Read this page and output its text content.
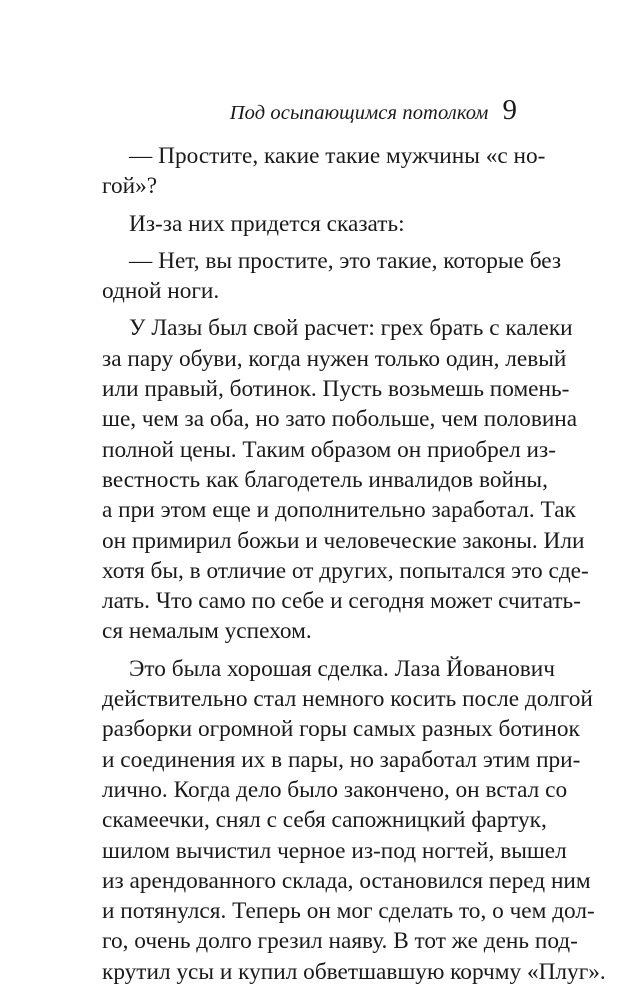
Под осыпающимся потолком 9
— Простите, какие такие мужчины «с но-
гой»?
Из-за них придется сказать:
— Нет, вы простите, это такие, которые без
одной ноги.
У Лазы был свой расчет: грех брать с калеки
за пару обуви, когда нужен только один, левый
или правый, ботинок. Пусть возьмешь помень-
ше, чем за оба, но зато побольше, чем половина
полной цены. Таким образом он приобрел из-
вестность как благодетель инвалидов войны,
а при этом еще и дополнительно заработал. Так
он примирил божьи и человеческие законы. Или
хотя бы, в отличие от других, попытался это сде-
лать. Что само по себе и сегодня может считать-
ся немалым успехом.
Это была хорошая сделка. Лаза Йованович
действительно стал немного косить после долгой
разборки огромной горы самых разных ботинок
и соединения их в пары, но заработал этим при-
лично. Когда дело было закончено, он встал со
скамеечки, снял с себя сапожницкий фартук,
шилом вычистил черное из-под ногтей, вышел
из арендованного склада, остановился перед ним
и потянулся. Теперь он мог сделать то, о чем дол-
го, очень долго грезил наяву. В тот же день под-
крутил усы и купил обветшавшую корчму «Плуг».
